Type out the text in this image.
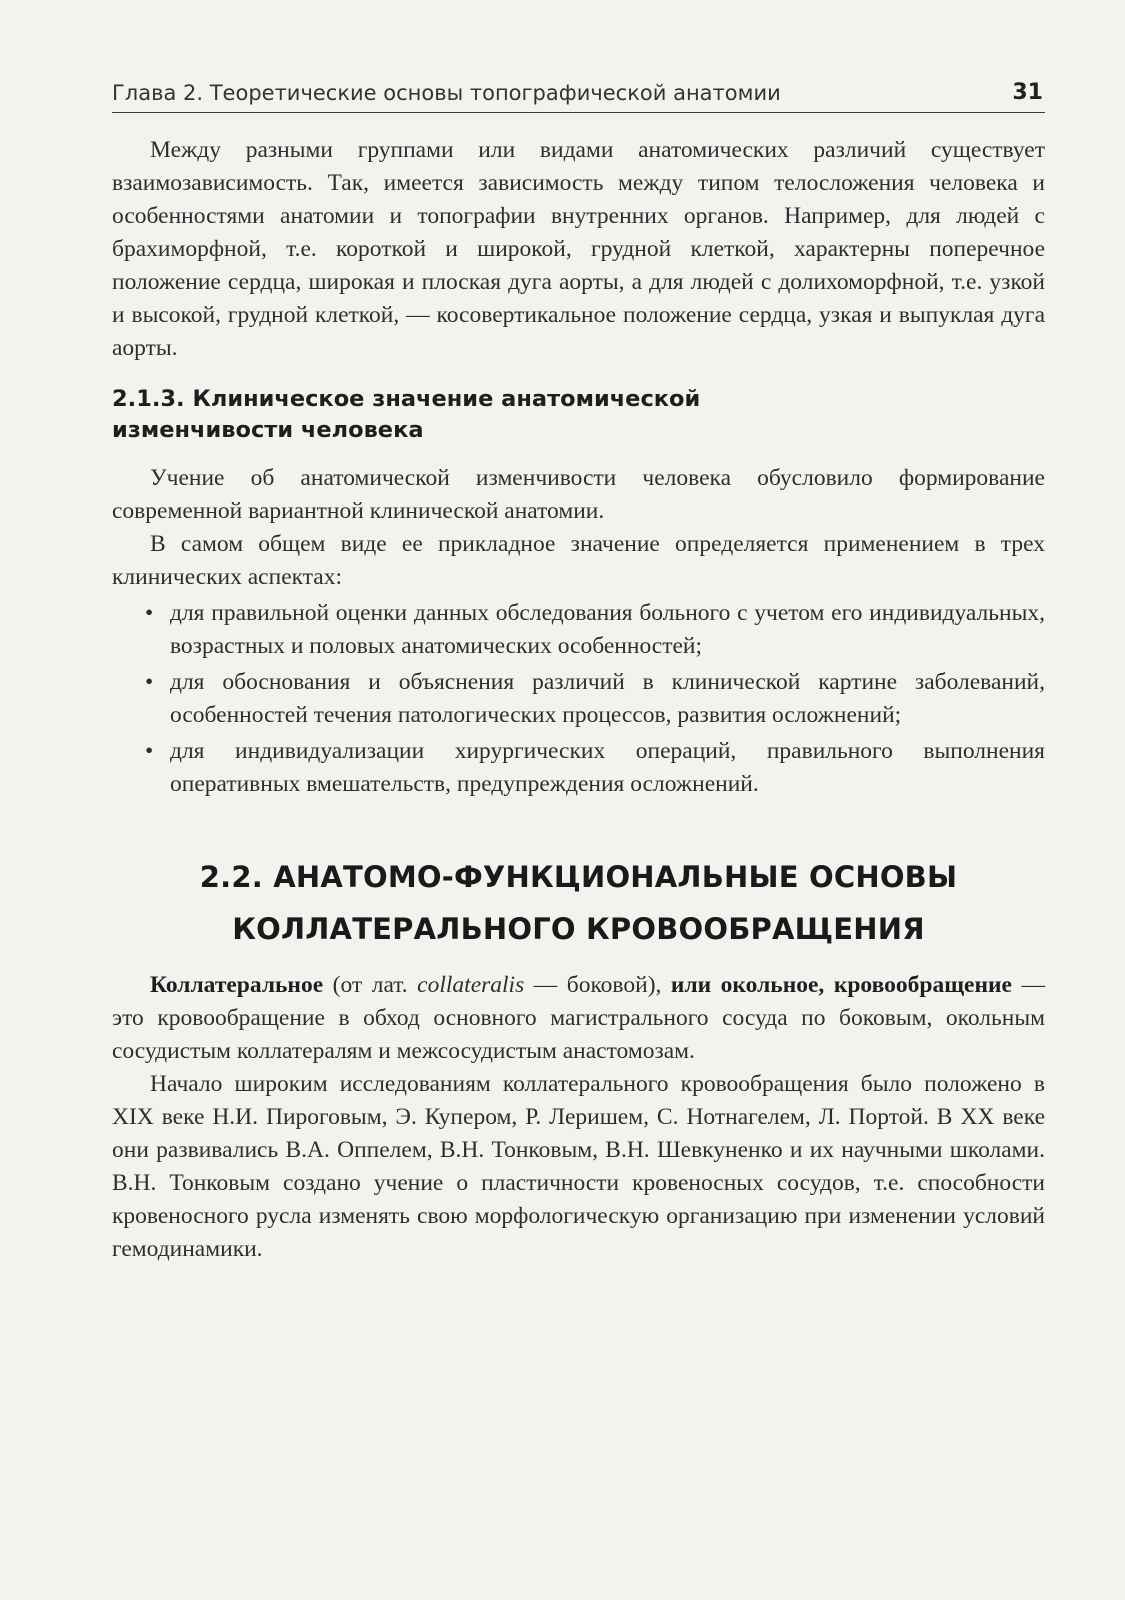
Глава 2. Теоретические основы топографической анатомии	31

Между разными группами или видами анатомических различий существует взаимозависимость. Так, имеется зависимость между типом телосложения человека и особенностями анатомии и топографии внутренних органов. Например, для людей с брахиморфной, т.е. короткой и широкой, грудной клеткой, характерны поперечное положение сердца, широкая и плоская дуга аорты, а для людей с долихоморфной, т.е. узкой и высокой, грудной клеткой, — косовертикальное положение сердца, узкая и выпуклая дуга аорты.

2.1.3. Клиническое значение анатомической
изменчивости человека

Учение об анатомической изменчивости человека обусловило формирование современной вариантной клинической анатомии.

В самом общем виде ее прикладное значение определяется применением в трех клинических аспектах:

• для правильной оценки данных обследования больного с учетом его индивидуальных, возрастных и половых анатомических особенностей;
• для обоснования и объяснения различий в клинической картине заболеваний, особенностей течения патологических процессов, развития осложнений;
• для индивидуализации хирургических операций, правильного выполнения оперативных вмешательств, предупреждения осложнений.
2.2. АНАТОМО-ФУНКЦИОНАЛЬНЫЕ ОСНОВЫ
КОЛЛАТЕРАЛЬНОГО КРОВООБРАЩЕНИЯ

Коллатеральное (от лат. collateralis — боковой), или окольное, кровообращение — это кровообращение в обход основного магистрального сосуда по боковым, окольным сосудистым коллатералям и межсосудистым анастомозам.

Начало широким исследованиям коллатерального кровообращения было положено в XIX веке Н.И. Пироговым, Э. Купером, Р. Леришем, С. Нотнагелем, Л. Портой. В XX веке они развивались В.А. Оппелем, В.Н. Тонковым, В.Н. Шевкуненко и их научными школами. В.Н. Тонковым создано учение о пластичности кровеносных сосудов, т.е. способности кровеносного русла изменять свою морфологическую организацию при изменении условий гемодинамики.
